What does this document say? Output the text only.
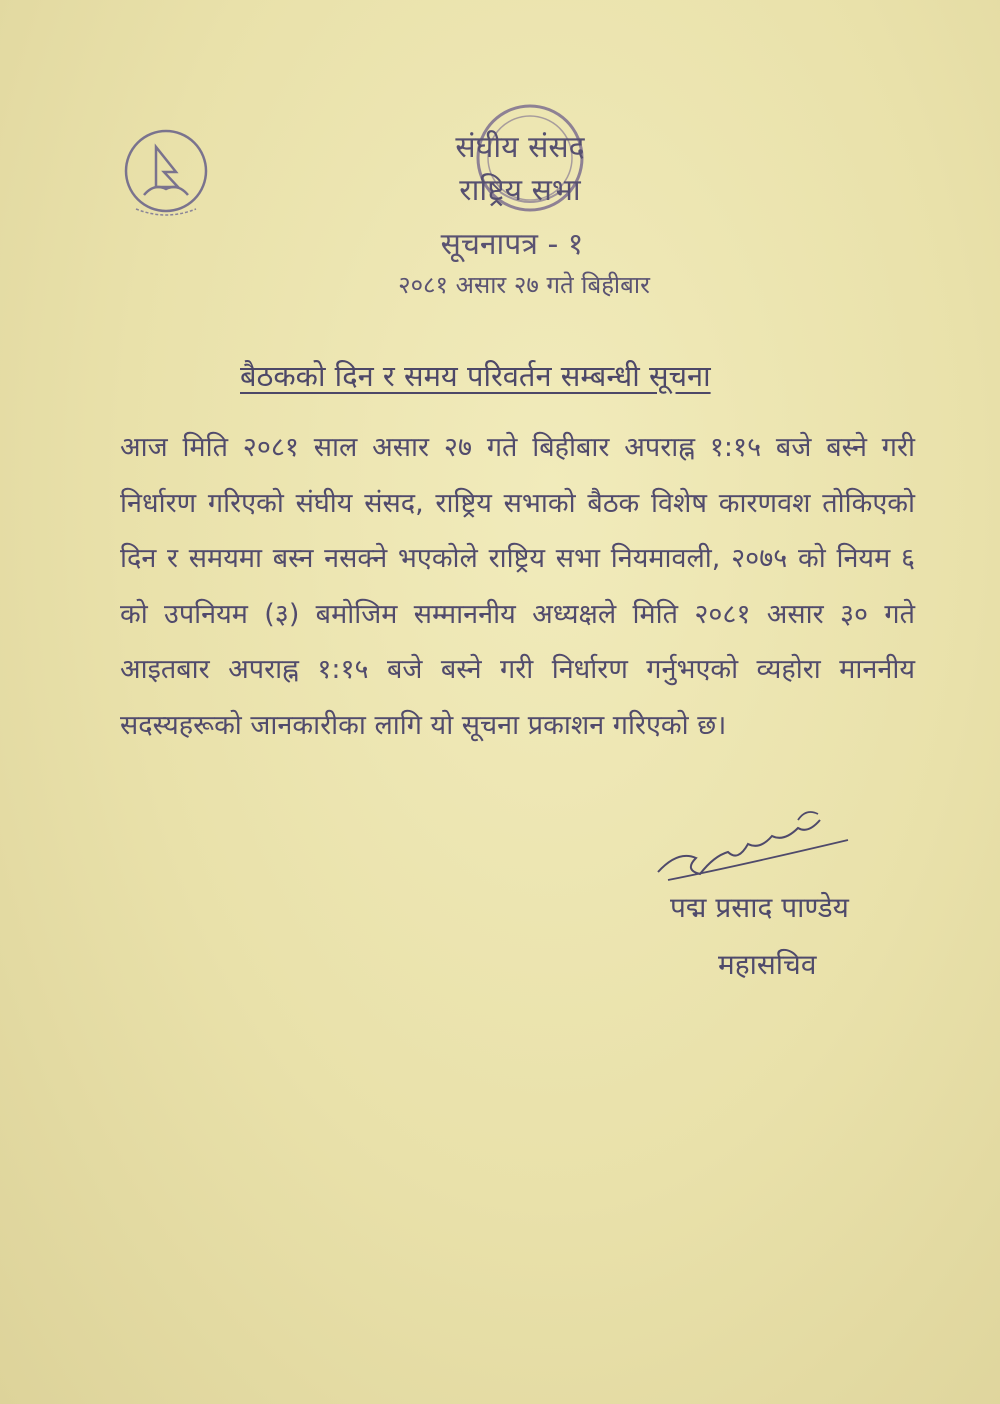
संघीय संसद
राष्ट्रिय सभा
सूचनापत्र - १
२०८१ असार २७ गते बिहीबार
बैठकको दिन र समय परिवर्तन सम्बन्धी सूचना
आज मिति २०८१ साल असार २७ गते बिहीबार अपराह्न १:१५ बजे बस्ने गरी निर्धारण गरिएको संघीय संसद, राष्ट्रिय सभाको बैठक विशेष कारणवश तोकिएको दिन र समयमा बस्न नसक्ने भएकोले राष्ट्रिय सभा नियमावली, २०७५ को नियम ६ को उपनियम (३) बमोजिम सम्माननीय अध्यक्षले मिति २०८१ असार ३० गते आइतबार अपराह्न १:१५ बजे बस्ने गरी निर्धारण गर्नुभएको व्यहोरा माननीय सदस्यहरूको जानकारीका लागि यो सूचना प्रकाशन गरिएको छ।
पद्म प्रसाद पाण्डेय
महासचिव
